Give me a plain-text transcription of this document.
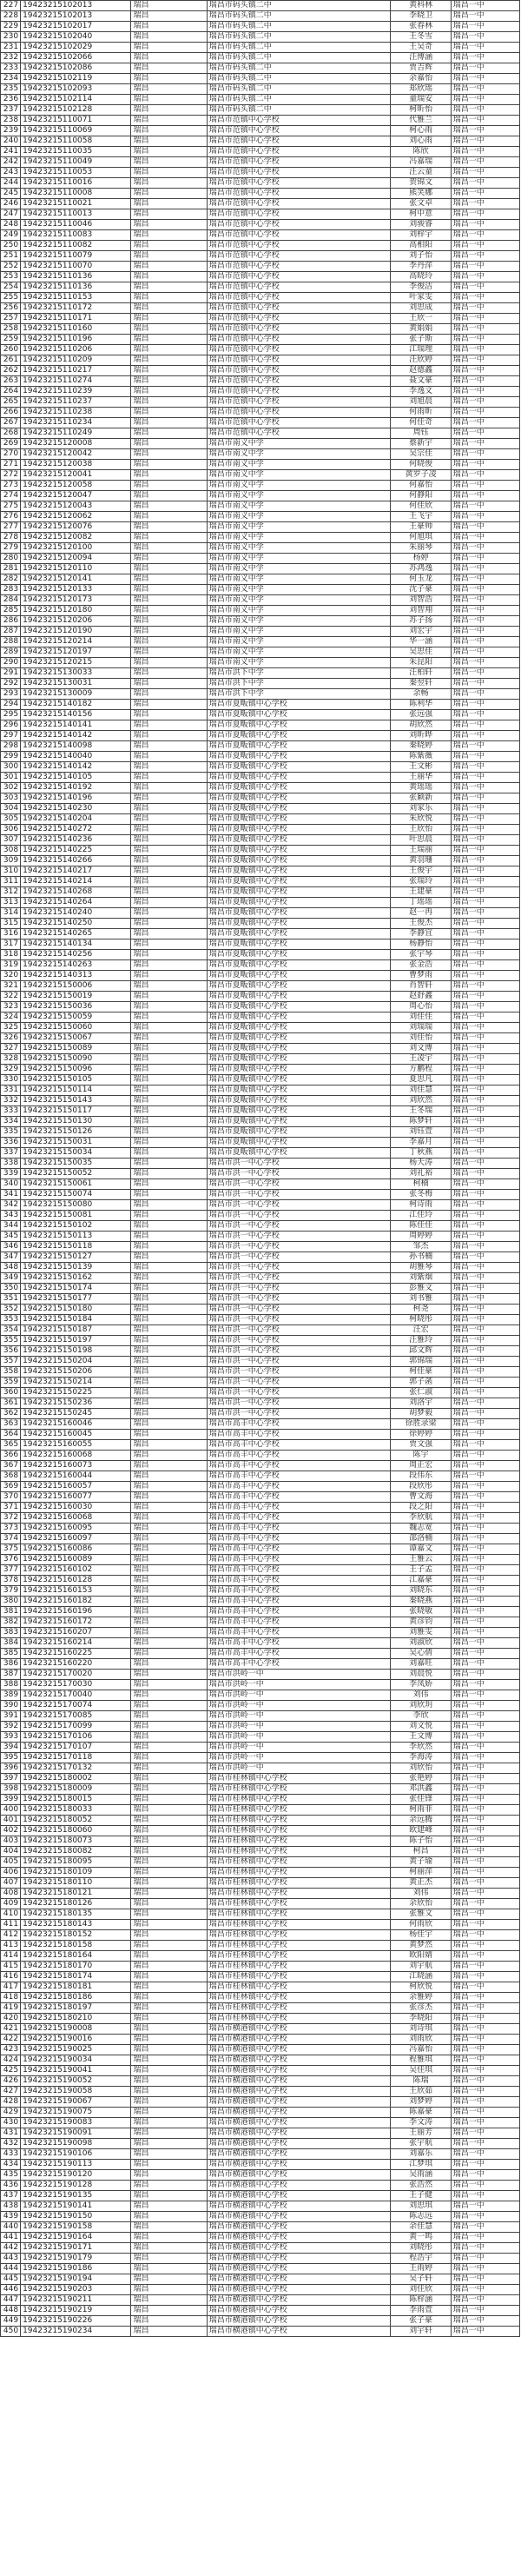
227	19423215102013	瑞昌	瑞昌市码头镇二中	黄科林	瑞昌一中
228	19423215102013	瑞昌	瑞昌市码头镇二中	李晓卫	瑞昌一中
229	19423215102017	瑞昌	瑞昌市码头镇二中	张春林	瑞昌一中
230	19423215102040	瑞昌	瑞昌市码头镇二中	王冬雪	瑞昌一中
231	19423215102029	瑞昌	瑞昌市码头镇二中	王吴奇	瑞昌一中
232	19423215102066	瑞昌	瑞昌市码头镇二中	汪博涵	瑞昌一中
233	19423215102086	瑞昌	瑞昌市码头镇二中	贾吉辉	瑞昌一中
234	19423215102119	瑞昌	瑞昌市码头镇二中	余嘉怡	瑞昌一中
235	19423215102093	瑞昌	瑞昌市码头镇二中	郑欣瑶	瑞昌一中
236	19423215102114	瑞昌	瑞昌市码头镇二中	童瑞安	瑞昌一中
237	19423215102128	瑞昌	瑞昌市码头镇二中	柯昕怡	瑞昌一中
238	19423215110071	瑞昌	瑞昌市范镇中心学校	代雅兰	瑞昌一中
239	19423215110069	瑞昌	瑞昌市范镇中心学校	柯心雨	瑞昌一中
240	19423215110058	瑞昌	瑞昌市范镇中心学校	刘心雨	瑞昌一中
241	19423215110035	瑞昌	瑞昌市范镇中心学校	陈欣	瑞昌一中
242	19423215110049	瑞昌	瑞昌市范镇中心学校	冯嘉瑞	瑞昌一中
243	19423215110053	瑞昌	瑞昌市范镇中心学校	汪云童	瑞昌一中
244	19423215110016	瑞昌	瑞昌市范镇中心学校	贺锦文	瑞昌一中
245	19423215110008	瑞昌	瑞昌市范镇中心学校	熊笑娜	瑞昌一中
246	19423215110021	瑞昌	瑞昌市范镇中心学校	张文卓	瑞昌一中
247	19423215110013	瑞昌	瑞昌市范镇中心学校	柯中意	瑞昌一中
248	19423215110046	瑞昌	瑞昌市范镇中心学校	刘骏睿	瑞昌一中
249	19423215110083	瑞昌	瑞昌市范镇中心学校	刘梓宇	瑞昌一中
250	19423215110082	瑞昌	瑞昌市范镇中心学校	高相阳	瑞昌一中
251	19423215110079	瑞昌	瑞昌市范镇中心学校	刘子怡	瑞昌一中
252	19423215110070	瑞昌	瑞昌市范镇中心学校	李丹萍	瑞昌一中
253	19423215110136	瑞昌	瑞昌市范镇中心学校	高晓玲	瑞昌一中
254	19423215110136	瑞昌	瑞昌市范镇中心学校	李俊洁	瑞昌一中
255	19423215110153	瑞昌	瑞昌市范镇中心学校	叶家雯	瑞昌一中
256	19423215110172	瑞昌	瑞昌市范镇中心学校	刘思成	瑞昌一中
257	19423215110171	瑞昌	瑞昌市范镇中心学校	王欣一	瑞昌一中
258	19423215110160	瑞昌	瑞昌市范镇中心学校	黄娟娟	瑞昌一中
259	19423215110196	瑞昌	瑞昌市范镇中心学校	张子斯	瑞昌一中
260	19423215110206	瑞昌	瑞昌市范镇中心学校	江瑞理	瑞昌一中
261	19423215110209	瑞昌	瑞昌市范镇中心学校	汪欣婷	瑞昌一中
262	19423215110217	瑞昌	瑞昌市范镇中心学校	赵德鑫	瑞昌一中
263	19423215110274	瑞昌	瑞昌市范镇中心学校	聂文豪	瑞昌一中
264	19423215110239	瑞昌	瑞昌市范镇中心学校	李逸文	瑞昌一中
265	19423215110237	瑞昌	瑞昌市范镇中心学校	刘旭晨	瑞昌一中
266	19423215110238	瑞昌	瑞昌市范镇中心学校	何雨昕	瑞昌一中
267	19423215110234	瑞昌	瑞昌市范镇中心学校	何佳奇	瑞昌一中
268	19423215110249	瑞昌	瑞昌市范镇中心学校	周钰	瑞昌一中
269	19423215120008	瑞昌	瑞昌市南义中学	蔡新宇	瑞昌一中
270	19423215120042	瑞昌	瑞昌市南义中学	吴宗佳	瑞昌一中
271	19423215120038	瑞昌	瑞昌市南义中学	何晓俊	瑞昌一中
272	19423215120041	瑞昌	瑞昌市南义中学	黄罗子凌	瑞昌一中
273	19423215120058	瑞昌	瑞昌市南义中学	何嘉怡	瑞昌一中
274	19423215120047	瑞昌	瑞昌市南义中学	何静阳	瑞昌一中
275	19423215120043	瑞昌	瑞昌市南义中学	何佳欣	瑞昌一中
276	19423215120062	瑞昌	瑞昌市南义中学	王飞宇	瑞昌一中
277	19423215120076	瑞昌	瑞昌市南义中学	王豪帅	瑞昌一中
278	19423215120082	瑞昌	瑞昌市南义中学	何旭琪	瑞昌一中
279	19423215120100	瑞昌	瑞昌市南义中学	朱丽琴	瑞昌一中
280	19423215120094	瑞昌	瑞昌市南义中学	杨婷	瑞昌一中
281	19423215120110	瑞昌	瑞昌市南义中学	苏鸿逸	瑞昌一中
282	19423215120141	瑞昌	瑞昌市南义中学	何玉龙	瑞昌一中
283	19423215120133	瑞昌	瑞昌市南义中学	沈子豪	瑞昌一中
284	19423215120173	瑞昌	瑞昌市南义中学	刘智浩	瑞昌一中
285	19423215120180	瑞昌	瑞昌市南义中学	刘智翔	瑞昌一中
286	19423215120206	瑞昌	瑞昌市南义中学	苏子扬	瑞昌一中
287	19423215120190	瑞昌	瑞昌市南义中学	刘宏宇	瑞昌一中
288	19423215120214	瑞昌	瑞昌市南义中学	华一涵	瑞昌一中
289	19423215120197	瑞昌	瑞昌市南义中学	吴思佳	瑞昌一中
290	19423215120215	瑞昌	瑞昌市南义中学	朱昆阳	瑞昌一中
291	19423215130033	瑞昌	瑞昌市洪下中学	汪柏轩	瑞昌一中
292	19423215130031	瑞昌	瑞昌市洪下中学	秦翌轩	瑞昌一中
293	19423215130009	瑞昌	瑞昌市洪下中学	余畅	瑞昌一中
294	19423215140182	瑞昌	瑞昌市夏畈镇中心学校	陈利华	瑞昌一中
295	19423215140156	瑞昌	瑞昌市夏畈镇中心学校	张远强	瑞昌一中
296	19423215140141	瑞昌	瑞昌市夏畈镇中心学校	胡欣然	瑞昌一中
297	19423215140142	瑞昌	瑞昌市夏畈镇中心学校	刘昕晔	瑞昌一中
298	19423215140098	瑞昌	瑞昌市夏畈镇中心学校	秦晓婷	瑞昌一中
299	19423215140040	瑞昌	瑞昌市夏畈镇中心学校	陈紫薇	瑞昌一中
300	19423215140142	瑞昌	瑞昌市夏畈镇中心学校	王文彬	瑞昌一中
301	19423215140105	瑞昌	瑞昌市夏畈镇中心学校	王丽华	瑞昌一中
302	19423215140192	瑞昌	瑞昌市夏畈镇中心学校	黄瑶瑶	瑞昌一中
303	19423215140196	瑞昌	瑞昌市夏畈镇中心学校	张颖新	瑞昌一中
304	19423215140230	瑞昌	瑞昌市夏畈镇中心学校	刘家乐	瑞昌一中
305	19423215140204	瑞昌	瑞昌市夏畈镇中心学校	朱欣悦	瑞昌一中
306	19423215140272	瑞昌	瑞昌市夏畈镇中心学校	王欣怡	瑞昌一中
307	19423215140236	瑞昌	瑞昌市夏畈镇中心学校	叶思晨	瑞昌一中
308	19423215140225	瑞昌	瑞昌市夏畈镇中心学校	王瑞丽	瑞昌一中
309	19423215140266	瑞昌	瑞昌市夏畈镇中心学校	黄羽珊	瑞昌一中
310	19423215140217	瑞昌	瑞昌市夏畈镇中心学校	王俊宇	瑞昌一中
311	19423215140214	瑞昌	瑞昌市夏畈镇中心学校	张瑞玲	瑞昌一中
312	19423215140268	瑞昌	瑞昌市夏畈镇中心学校	王建豪	瑞昌一中
313	19423215140264	瑞昌	瑞昌市夏畈镇中心学校	丁瑶瑶	瑞昌一中
314	19423215140240	瑞昌	瑞昌市夏畈镇中心学校	赵一冉	瑞昌一中
315	19423215140250	瑞昌	瑞昌市夏畈镇中心学校	王俊杰	瑞昌一中
316	19423215140265	瑞昌	瑞昌市夏畈镇中心学校	李静宜	瑞昌一中
317	19423215140134	瑞昌	瑞昌市夏畈镇中心学校	杨静怡	瑞昌一中
318	19423215140256	瑞昌	瑞昌市夏畈镇中心学校	张宇琴	瑞昌一中
319	19423215140263	瑞昌	瑞昌市夏畈镇中心学校	张金浩	瑞昌一中
320	19423215140313	瑞昌	瑞昌市夏畈镇中心学校	曹梦雨	瑞昌一中
321	19423215150006	瑞昌	瑞昌市夏畈镇中心学校	肖智轩	瑞昌一中
322	19423215150019	瑞昌	瑞昌市夏畈镇中心学校	赵舒鑫	瑞昌一中
323	19423215150036	瑞昌	瑞昌市夏畈镇中心学校	周心怡	瑞昌一中
324	19423215150059	瑞昌	瑞昌市夏畈镇中心学校	刘佳佳	瑞昌一中
325	19423215150060	瑞昌	瑞昌市夏畈镇中心学校	刘瑞瑞	瑞昌一中
326	19423215150067	瑞昌	瑞昌市夏畈镇中心学校	刘佳怡	瑞昌一中
327	19423215150089	瑞昌	瑞昌市夏畈镇中心学校	刘文博	瑞昌一中
328	19423215150090	瑞昌	瑞昌市夏畈镇中心学校	王凌宇	瑞昌一中
329	19423215150096	瑞昌	瑞昌市夏畈镇中心学校	方鹏程	瑞昌一中
330	19423215150105	瑞昌	瑞昌市夏畈镇中心学校	夏思凡	瑞昌一中
331	19423215150114	瑞昌	瑞昌市夏畈镇中心学校	刘佳慧	瑞昌一中
332	19423215150143	瑞昌	瑞昌市夏畈镇中心学校	刘欣然	瑞昌一中
333	19423215150117	瑞昌	瑞昌市夏畈镇中心学校	王冬瑞	瑞昌一中
334	19423215150130	瑞昌	瑞昌市夏畈镇中心学校	陈梦轩	瑞昌一中
335	19423215150126	瑞昌	瑞昌市夏畈镇中心学校	刘钰萱	瑞昌一中
336	19423215150031	瑞昌	瑞昌市夏畈镇中心学校	李嘉月	瑞昌一中
337	19423215150034	瑞昌	瑞昌市夏畈镇中心学校	丁秋燕	瑞昌一中
338	19423215150035	瑞昌	瑞昌市洪一中心学校	杨天涛	瑞昌一中
339	19423215150052	瑞昌	瑞昌市洪一中心学校	刘礼裕	瑞昌一中
340	19423215150061	瑞昌	瑞昌市洪一中心学校	柯楠	瑞昌一中
341	19423215150074	瑞昌	瑞昌市洪一中心学校	张冬梅	瑞昌一中
342	19423215150080	瑞昌	瑞昌市洪一中心学校	柯诗雨	瑞昌一中
343	19423215150081	瑞昌	瑞昌市洪一中心学校	江佳玲	瑞昌一中
344	19423215150102	瑞昌	瑞昌市洪一中心学校	陈佳佳	瑞昌一中
345	19423215150113	瑞昌	瑞昌市洪一中心学校	周婷婷	瑞昌一中
346	19423215150118	瑞昌	瑞昌市洪一中心学校	邹杰	瑞昌一中
347	19423215150127	瑞昌	瑞昌市洪一中心学校	孙书楠	瑞昌一中
348	19423215150139	瑞昌	瑞昌市洪一中心学校	胡雅琴	瑞昌一中
349	19423215150162	瑞昌	瑞昌市洪一中心学校	刘紫烟	瑞昌一中
350	19423215150174	瑞昌	瑞昌市洪一中心学校	彭雅文	瑞昌一中
351	19423215150177	瑞昌	瑞昌市洪一中心学校	刘书雅	瑞昌一中
352	19423215150180	瑞昌	瑞昌市洪一中心学校	柯尧	瑞昌一中
353	19423215150184	瑞昌	瑞昌市洪一中心学校	柯晓彤	瑞昌一中
354	19423215150187	瑞昌	瑞昌市洪一中心学校	汪宏	瑞昌一中
355	19423215150197	瑞昌	瑞昌市洪一中心学校	汪雅玲	瑞昌一中
356	19423215150198	瑞昌	瑞昌市洪一中心学校	邱文辉	瑞昌一中
357	19423215150204	瑞昌	瑞昌市洪一中心学校	郭锦瑞	瑞昌一中
358	19423215150206	瑞昌	瑞昌市洪一中心学校	柯佳豪	瑞昌一中
359	19423215150214	瑞昌	瑞昌市洪一中心学校	郭子菡	瑞昌一中
360	19423215150225	瑞昌	瑞昌市洪一中心学校	张仁淑	瑞昌一中
361	19423215150236	瑞昌	瑞昌市洪一中心学校	刘洛宇	瑞昌一中
362	19423215150245	瑞昌	瑞昌市洪一中心学校	胡梦毅	瑞昌一中
363	19423215160046	瑞昌	瑞昌市高丰中心学校	徐胜录梁	瑞昌一中
364	19423215160045	瑞昌	瑞昌市高丰中心学校	徐婷婷	瑞昌一中
365	19423215160055	瑞昌	瑞昌市高丰中心学校	贾文强	瑞昌一中
366	19423215160068	瑞昌	瑞昌市高丰中心学校	陈宇	瑞昌一中
367	19423215160073	瑞昌	瑞昌市高丰中心学校	周正宏	瑞昌一中
368	19423215160044	瑞昌	瑞昌市高丰中心学校	段伟东	瑞昌一中
369	19423215160057	瑞昌	瑞昌市高丰中心学校	段欣彤	瑞昌一中
370	19423215160077	瑞昌	瑞昌市高丰中心学校	曹文海	瑞昌一中
371	19423215160030	瑞昌	瑞昌市高丰中心学校	段之阳	瑞昌一中
372	19423215160068	瑞昌	瑞昌市高丰中心学校	李欣航	瑞昌一中
373	19423215160095	瑞昌	瑞昌市高丰中心学校	魏志宽	瑞昌一中
374	19423215160097	瑞昌	瑞昌市高丰中心学校	邵洛楠	瑞昌一中
375	19423215160086	瑞昌	瑞昌市高丰中心学校	谭嘉文	瑞昌一中
376	19423215160089	瑞昌	瑞昌市高丰中心学校	王雅云	瑞昌一中
377	19423215160102	瑞昌	瑞昌市高丰中心学校	王子孟	瑞昌一中
378	19423215160128	瑞昌	瑞昌市高丰中心学校	江嘉豪	瑞昌一中
379	19423215160153	瑞昌	瑞昌市高丰中心学校	刘晓东	瑞昌一中
380	19423215160182	瑞昌	瑞昌市高丰中心学校	秦晓燕	瑞昌一中
381	19423215160196	瑞昌	瑞昌市高丰中心学校	张晓敏	瑞昌一中
382	19423215160172	瑞昌	瑞昌市高丰中心学校	黄彦钧	瑞昌一中
383	19423215160207	瑞昌	瑞昌市高丰中心学校	刘雅雯	瑞昌一中
384	19423215160214	瑞昌	瑞昌市高丰中心学校	刘淑欣	瑞昌一中
385	19423215160225	瑞昌	瑞昌市高丰中心学校	吴心倩	瑞昌一中
386	19423215160220	瑞昌	瑞昌市高丰中心学校	刘嘉旺	瑞昌一中
387	19423215170020	瑞昌	瑞昌市洪岭一中	刘晨悦	瑞昌一中
388	19423215170030	瑞昌	瑞昌市洪岭一中	李凤娇	瑞昌一中
389	19423215170040	瑞昌	瑞昌市洪岭一中	刘伟	瑞昌一中
390	19423215170074	瑞昌	瑞昌市洪岭一中	刘欣玥	瑞昌一中
391	19423215170085	瑞昌	瑞昌市洪岭一中	李欣	瑞昌一中
392	19423215170099	瑞昌	瑞昌市洪岭一中	刘文悦	瑞昌一中
393	19423215170106	瑞昌	瑞昌市洪岭一中	王文博	瑞昌一中
394	19423215170107	瑞昌	瑞昌市洪岭一中	李欣然	瑞昌一中
395	19423215170118	瑞昌	瑞昌市洪岭一中	李海涛	瑞昌一中
396	19423215170132	瑞昌	瑞昌市洪岭一中	刘欣怡	瑞昌一中
397	19423215180002	瑞昌	瑞昌市桂林镇中心学校	张艳婷	瑞昌一中
398	19423215180009	瑞昌	瑞昌市桂林镇中心学校	邓洪鑫	瑞昌一中
399	19423215180015	瑞昌	瑞昌市桂林镇中心学校	张佳锋	瑞昌一中
400	19423215180033	瑞昌	瑞昌市桂林镇中心学校	柯雨菲	瑞昌一中
401	19423215180052	瑞昌	瑞昌市桂林镇中心学校	余远腾	瑞昌一中
402	19423215180060	瑞昌	瑞昌市桂林镇中心学校	欧建峰	瑞昌一中
403	19423215180073	瑞昌	瑞昌市桂林镇中心学校	陈子怡	瑞昌一中
404	19423215180082	瑞昌	瑞昌市桂林镇中心学校	柯昌	瑞昌一中
405	19423215180095	瑞昌	瑞昌市桂林镇中心学校	黄子瑜	瑞昌一中
406	19423215180109	瑞昌	瑞昌市桂林镇中心学校	柯丽萍	瑞昌一中
407	19423215180110	瑞昌	瑞昌市桂林镇中心学校	黄正杰	瑞昌一中
408	19423215180121	瑞昌	瑞昌市桂林镇中心学校	刘伟	瑞昌一中
409	19423215180126	瑞昌	瑞昌市桂林镇中心学校	余欣怡	瑞昌一中
410	19423215180135	瑞昌	瑞昌市桂林镇中心学校	张雅文	瑞昌一中
411	19423215180143	瑞昌	瑞昌市桂林镇中心学校	何雨欣	瑞昌一中
412	19423215180152	瑞昌	瑞昌市桂林镇中心学校	杨佳宇	瑞昌一中
413	19423215180158	瑞昌	瑞昌市桂林镇中心学校	黄梦然	瑞昌一中
414	19423215180164	瑞昌	瑞昌市桂林镇中心学校	欧阳婧	瑞昌一中
415	19423215180170	瑞昌	瑞昌市桂林镇中心学校	刘宇航	瑞昌一中
416	19423215180174	瑞昌	瑞昌市桂林镇中心学校	江晓涵	瑞昌一中
417	19423215180181	瑞昌	瑞昌市桂林镇中心学校	柯欣悦	瑞昌一中
418	19423215180186	瑞昌	瑞昌市桂林镇中心学校	余雅婷	瑞昌一中
419	19423215180197	瑞昌	瑞昌市桂林镇中心学校	张彦杰	瑞昌一中
420	19423215180210	瑞昌	瑞昌市桂林镇中心学校	李晓阳	瑞昌一中
421	19423215190008	瑞昌	瑞昌市横港镇中心学校	刘诗琪	瑞昌一中
422	19423215190016	瑞昌	瑞昌市横港镇中心学校	刘雨欣	瑞昌一中
423	19423215190025	瑞昌	瑞昌市横港镇中心学校	冯嘉怡	瑞昌一中
424	19423215190034	瑞昌	瑞昌市横港镇中心学校	程雅琪	瑞昌一中
425	19423215190041	瑞昌	瑞昌市横港镇中心学校	吴佳琪	瑞昌一中
426	19423215190052	瑞昌	瑞昌市横港镇中心学校	陈瑞	瑞昌一中
427	19423215190058	瑞昌	瑞昌市横港镇中心学校	王欣茹	瑞昌一中
428	19423215190067	瑞昌	瑞昌市横港镇中心学校	刘梦婷	瑞昌一中
429	19423215190075	瑞昌	瑞昌市横港镇中心学校	陈嘉豪	瑞昌一中
430	19423215190083	瑞昌	瑞昌市横港镇中心学校	李文涛	瑞昌一中
431	19423215190091	瑞昌	瑞昌市横港镇中心学校	王丽芳	瑞昌一中
432	19423215190098	瑞昌	瑞昌市横港镇中心学校	张宇航	瑞昌一中
433	19423215190106	瑞昌	瑞昌市横港镇中心学校	刘嘉乐	瑞昌一中
434	19423215190113	瑞昌	瑞昌市横港镇中心学校	江梦琪	瑞昌一中
435	19423215190120	瑞昌	瑞昌市横港镇中心学校	吴雨涵	瑞昌一中
436	19423215190128	瑞昌	瑞昌市横港镇中心学校	张浩然	瑞昌一中
437	19423215190135	瑞昌	瑞昌市横港镇中心学校	王子健	瑞昌一中
438	19423215190141	瑞昌	瑞昌市横港镇中心学校	刘思琪	瑞昌一中
439	19423215190150	瑞昌	瑞昌市横港镇中心学校	陈志远	瑞昌一中
440	19423215190158	瑞昌	瑞昌市横港镇中心学校	余佳慧	瑞昌一中
441	19423215190164	瑞昌	瑞昌市横港镇中心学校	黄一鸣	瑞昌一中
442	19423215190171	瑞昌	瑞昌市横港镇中心学校	刘晓彤	瑞昌一中
443	19423215190179	瑞昌	瑞昌市横港镇中心学校	程浩宇	瑞昌一中
444	19423215190186	瑞昌	瑞昌市横港镇中心学校	王雨婷	瑞昌一中
445	19423215190194	瑞昌	瑞昌市横港镇中心学校	吴子轩	瑞昌一中
446	19423215190203	瑞昌	瑞昌市横港镇中心学校	刘佳欣	瑞昌一中
447	19423215190211	瑞昌	瑞昌市横港镇中心学校	陈梓涵	瑞昌一中
448	19423215190219	瑞昌	瑞昌市横港镇中心学校	李雨萱	瑞昌一中
449	19423215190226	瑞昌	瑞昌市横港镇中心学校	张子豪	瑞昌一中
450	19423215190234	瑞昌	瑞昌市横港镇中心学校	刘宇轩	瑞昌一中
